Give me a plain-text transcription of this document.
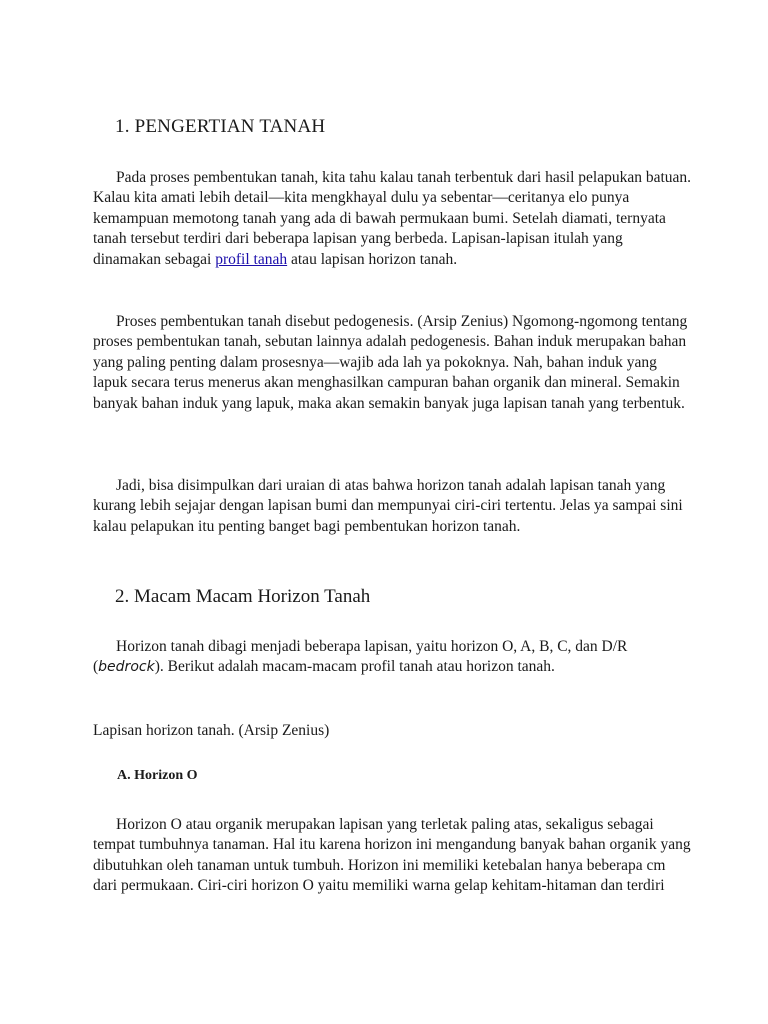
1. PENGERTIAN TANAH

Pada proses pembentukan tanah, kita tahu kalau tanah terbentuk dari hasil pelapukan batuan. Kalau kita amati lebih detail—kita mengkhayal dulu ya sebentar—ceritanya elo punya kemampuan memotong tanah yang ada di bawah permukaan bumi. Setelah diamati, ternyata tanah tersebut terdiri dari beberapa lapisan yang berbeda. Lapisan-lapisan itulah yang dinamakan sebagai profil tanah atau lapisan horizon tanah.

Proses pembentukan tanah disebut pedogenesis. (Arsip Zenius) Ngomong-ngomong tentang proses pembentukan tanah, sebutan lainnya adalah pedogenesis. Bahan induk merupakan bahan yang paling penting dalam prosesnya—wajib ada lah ya pokoknya. Nah, bahan induk yang lapuk secara terus menerus akan menghasilkan campuran bahan organik dan mineral. Semakin banyak bahan induk yang lapuk, maka akan semakin banyak juga lapisan tanah yang terbentuk.

Jadi, bisa disimpulkan dari uraian di atas bahwa horizon tanah adalah lapisan tanah yang kurang lebih sejajar dengan lapisan bumi dan mempunyai ciri-ciri tertentu. Jelas ya sampai sini kalau pelapukan itu penting banget bagi pembentukan horizon tanah.

2. Macam Macam Horizon Tanah

Horizon tanah dibagi menjadi beberapa lapisan, yaitu horizon O, A, B, C, dan D/R (bedrock). Berikut adalah macam-macam profil tanah atau horizon tanah.

Lapisan horizon tanah. (Arsip Zenius)

A. Horizon O

Horizon O atau organik merupakan lapisan yang terletak paling atas, sekaligus sebagai tempat tumbuhnya tanaman. Hal itu karena horizon ini mengandung banyak bahan organik yang dibutuhkan oleh tanaman untuk tumbuh. Horizon ini memiliki ketebalan hanya beberapa cm dari permukaan. Ciri-ciri horizon O yaitu memiliki warna gelap kehitam-hitaman dan terdiri
